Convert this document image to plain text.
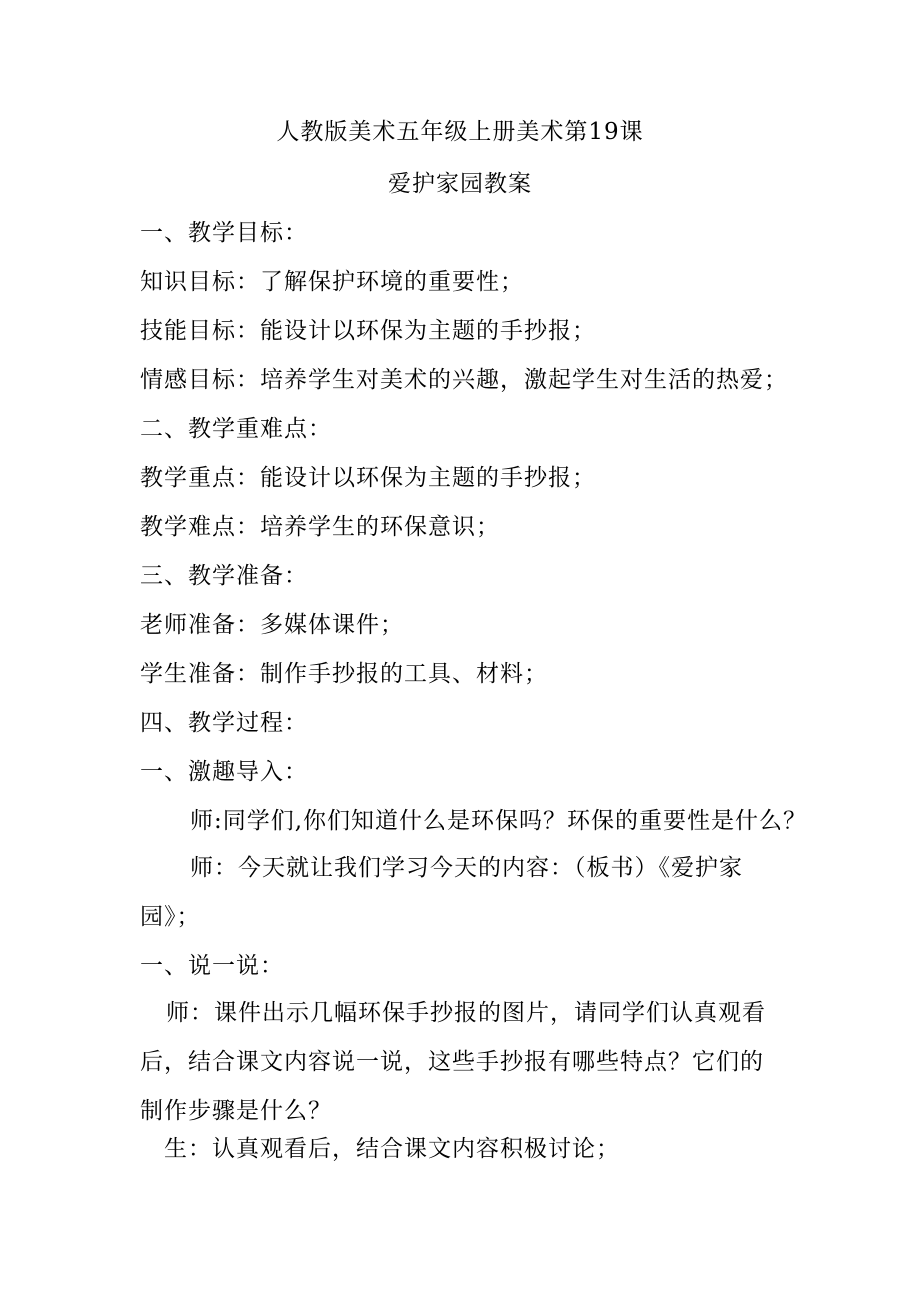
人教版美术五年级上册美术第19课
爱护家园教案
一、教学目标：
知识目标：了解保护环境的重要性；
技能目标：能设计以环保为主题的手抄报；
情感目标：培养学生对美术的兴趣，激起学生对生活的热爱；
二、教学重难点：
教学重点：能设计以环保为主题的手抄报；
教学难点：培养学生的环保意识；
三、教学准备：
老师准备：多媒体课件；
学生准备：制作手抄报的工具、材料；
四、教学过程：
一、激趣导入：
师:同学们,你们知道什么是环保吗？环保的重要性是什么？
师：今天就让我们学习今天的内容：（板书）《爱护家园》；
一、说一说：
师：课件出示几幅环保手抄报的图片，请同学们认真观看后，结合课文内容说一说，这些手抄报有哪些特点？它们的制作步骤是什么？
生：认真观看后，结合课文内容积极讨论；
